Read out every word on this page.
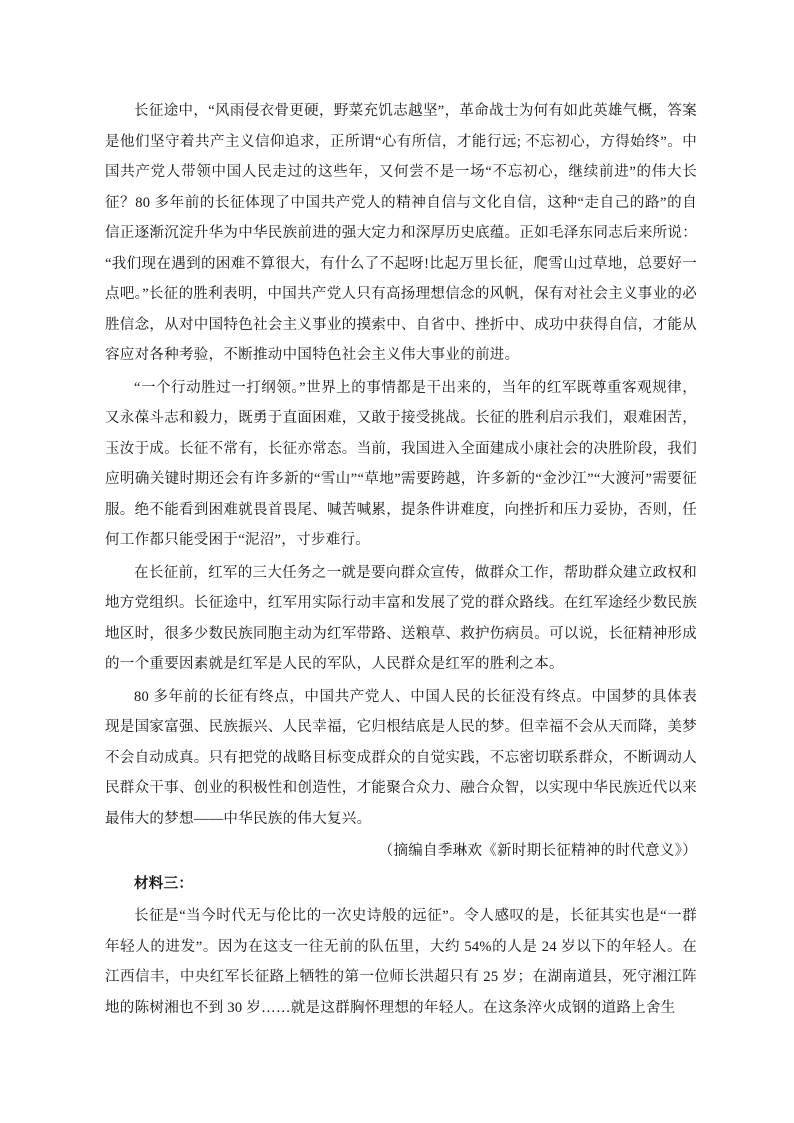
长征途中，“风雨侵衣骨更硬，野菜充饥志越坚”，革命战士为何有如此英雄气概，答案是他们坚守着共产主义信仰追求，正所谓“心有所信，才能行远; 不忘初心，方得始终”。中国共产党人带领中国人民走过的这些年，又何尝不是一场“不忘初心，继续前进”的伟大长征？80 多年前的长征体现了中国共产党人的精神自信与文化自信，这种“走自己的路”的自信正逐渐沉淀升华为中华民族前进的强大定力和深厚历史底蕴。正如毛泽东同志后来所说：“我们现在遇到的困难不算很大，有什么了不起呀!比起万里长征，爬雪山过草地，总要好一点吧。”长征的胜利表明，中国共产党人只有高扬理想信念的风帆，保有对社会主义事业的必胜信念，从对中国特色社会主义事业的摸索中、自省中、挫折中、成功中获得自信，才能从容应对各种考验，不断推动中国特色社会主义伟大事业的前进。

“一个行动胜过一打纲领。”世界上的事情都是干出来的，当年的红军既尊重客观规律，又永葆斗志和毅力，既勇于直面困难，又敢于接受挑战。长征的胜利启示我们，艰难困苦，玉汝于成。长征不常有，长征亦常态。当前，我国进入全面建成小康社会的决胜阶段，我们应明确关键时期还会有许多新的“雪山”“草地”需要跨越，许多新的“金沙江”“大渡河”需要征服。绝不能看到困难就畏首畏尾、喊苦喊累，提条件讲难度，向挫折和压力妥协，否则，任何工作都只能受困于“泥沼”，寸步难行。

在长征前，红军的三大任务之一就是要向群众宣传，做群众工作，帮助群众建立政权和地方党组织。长征途中，红军用实际行动丰富和发展了党的群众路线。在红军途经少数民族地区时，很多少数民族同胞主动为红军带路、送粮草、救护伤病员。可以说，长征精神形成的一个重要因素就是红军是人民的军队，人民群众是红军的胜利之本。

80 多年前的长征有终点，中国共产党人、中国人民的长征没有终点。中国梦的具体表现是国家富强、民族振兴、人民幸福，它归根结底是人民的梦。但幸福不会从天而降，美梦不会自动成真。只有把党的战略目标变成群众的自觉实践，不忘密切联系群众，不断调动人民群众干事、创业的积极性和创造性，才能聚合众力、融合众智，以实现中华民族近代以来最伟大的梦想——中华民族的伟大复兴。

（摘编自季琳欢《新时期长征精神的时代意义》）

材料三：

长征是“当今时代无与伦比的一次史诗般的远征”。令人感叹的是，长征其实也是“一群年轻人的进发”。因为在这支一往无前的队伍里，大约 54%的人是 24 岁以下的年轻人。在江西信丰，中央红军长征路上牺牲的第一位师长洪超只有 25 岁；在湖南道县，死守湘江阵地的陈树湘也不到 30 岁……就是这群胸怀理想的年轻人。在这条淬火成钢的道路上舍生
